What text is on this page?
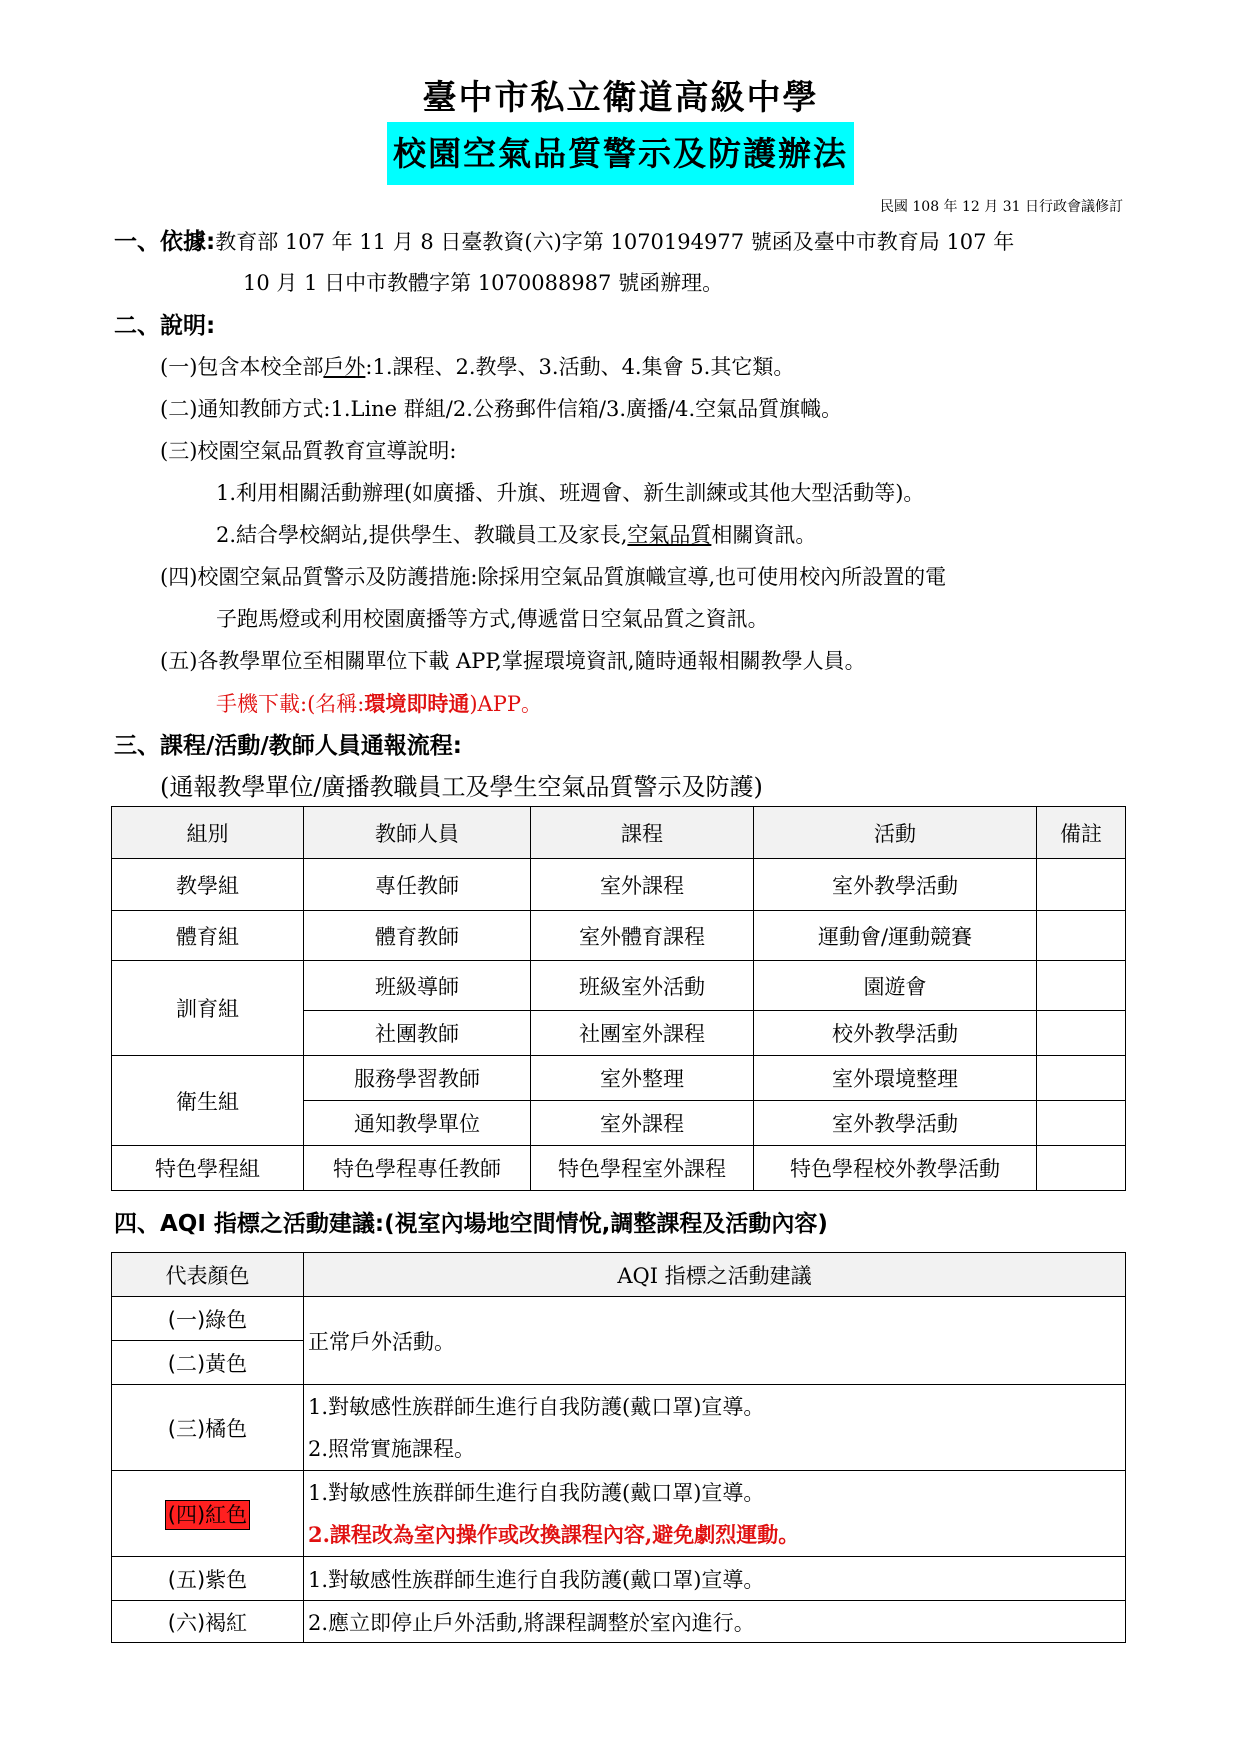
臺中市私立衛道高級中學
校園空氣品質警示及防護辦法
民國 108 年 12 月 31 日行政會議修訂
一、依據:教育部 107 年 11 月 8 日臺教資(六)字第 1070194977 號函及臺中市教育局 107 年
10 月 1 日中市教體字第 1070088987 號函辦理。
二、說明:
(一)包含本校全部戶外:1.課程、2.教學、3.活動、4.集會 5.其它類。
(二)通知教師方式:1.Line 群組/2.公務郵件信箱/3.廣播/4.空氣品質旗幟。
(三)校園空氣品質教育宣導說明:
1.利用相關活動辦理(如廣播、升旗、班週會、新生訓練或其他大型活動等)。
2.結合學校網站,提供學生、教職員工及家長,空氣品質相關資訊。
(四)校園空氣品質警示及防護措施:除採用空氣品質旗幟宣導,也可使用校內所設置的電
子跑馬燈或利用校園廣播等方式,傳遞當日空氣品質之資訊。
(五)各教學單位至相關單位下載 APP,掌握環境資訊,隨時通報相關教學人員。
手機下載:(名稱:環境即時通)APP。
三、課程/活動/教師人員通報流程:
(通報教學單位/廣播教職員工及學生空氣品質警示及防護)
組別	教師人員	課程	活動	備註
教學組	專任教師	室外課程	室外教學活動	
體育組	體育教師	室外體育課程	運動會/運動競賽	
訓育組	班級導師	班級室外活動	園遊會	
	社團教師	社團室外課程	校外教學活動	
衛生組	服務學習教師	室外整理	室外環境整理	
	通知教學單位	室外課程	室外教學活動	
特色學程組	特色學程專任教師	特色學程室外課程	特色學程校外教學活動	
四、AQI 指標之活動建議:(視室內場地空間情悅,調整課程及活動內容)
代表顏色	AQI 指標之活動建議
(一)綠色	正常戶外活動。
(二)黃色	
(三)橘色	1.對敏感性族群師生進行自我防護(戴口罩)宣導。
2.照常實施課程。

(四)紅色	1.對敏感性族群師生進行自我防護(戴口罩)宣導。
2.課程改為室內操作或改換課程內容,避免劇烈運動。

(五)紫色	1.對敏感性族群師生進行自我防護(戴口罩)宣導。
(六)褐紅	2.應立即停止戶外活動,將課程調整於室內進行。
